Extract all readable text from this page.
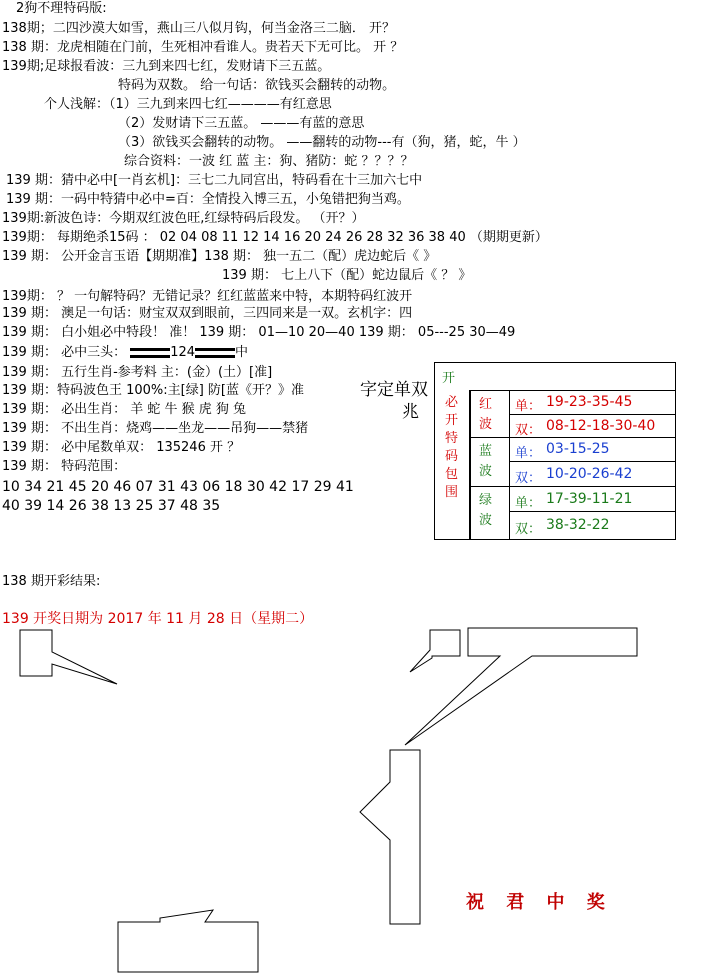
2狗不理特码版:
138期；二四沙漠大如雪，燕山三八似月钩，何当金洛三二脑． 开？
138 期：龙虎相随在门前，生死相冲看谁人。贵若天下无可比。 开 ？
139期;足球报看波：三九到来四七红，发财请下三五蓝。
特码为双数。 给一句话：欲钱买会翻转的动物。
个人浅解：（1）三九到来四七红————有红意思
（2）发财请下三五蓝。 ———有蓝的意思
（3）欲钱买会翻转的动物。 ——翻转的动物---有（狗，猪，蛇，牛 ）
综合资料：一波 红 蓝 主：狗、猪防：蛇 ？？？？
139 期：猜中必中[一肖玄机]：三七二九同宫出，特码看在十三加六七中
139 期：一码中特猜中必中=百：全情投入博三五，小兔错把狗当鸡。
139期:新波色诗：今期双红波色旺,红绿特码后段发。 （开？）
139期： 每期绝杀15码 ： 02 04 08 11 12 14 16 20 24 26 28 32 36 38 40 （期期更新）
139 期： 公开金言玉语【期期准】138 期： 独一五二（配）虎边蛇后《 》
139 期： 七上八下（配）蛇边鼠后《 ？ 》
139期： ？ 一句解特码？无错记录？红红蓝蓝来中特，本期特码红波开
139 期： 澳足一句话：财宝双双到眼前，三四同来是一双。玄机字：四
139 期： 白小姐必中特段！ 准！ 139 期： 01—10 20—40 139 期： 05---25 30—49
139 期： 必中三头：	124	中
139 期： 五行生肖-参考料 主：(金）(土）[准]
139 期：特码波色王 100%:主[绿] 防[蓝《开？》准
139 期： 必出生肖： 羊 蛇 牛 猴 虎 狗 兔
139 期： 不出生肖：烧鸡——坐龙——吊狗——禁猪
139 期： 必中尾数单双： 135246 开 ？
139 期： 特码范围：
10 34 21 45 20 46 07 31 43 06 18 30 42 17 29 41
40 39 14 26 38 13 25 37 48 35
字定单双
兆
开
必
开
特
码
包
围
红
波
单： 19-23-35-45
双： 08-12-18-30-40
蓝
波
单： 03-15-25
双： 10-20-26-42
绿
波
单： 17-39-11-21
双： 38-32-22
138 期开彩结果:
139 开奖日期为 2017 年 11 月 28 日（星期二）
祝 君 中 奖
